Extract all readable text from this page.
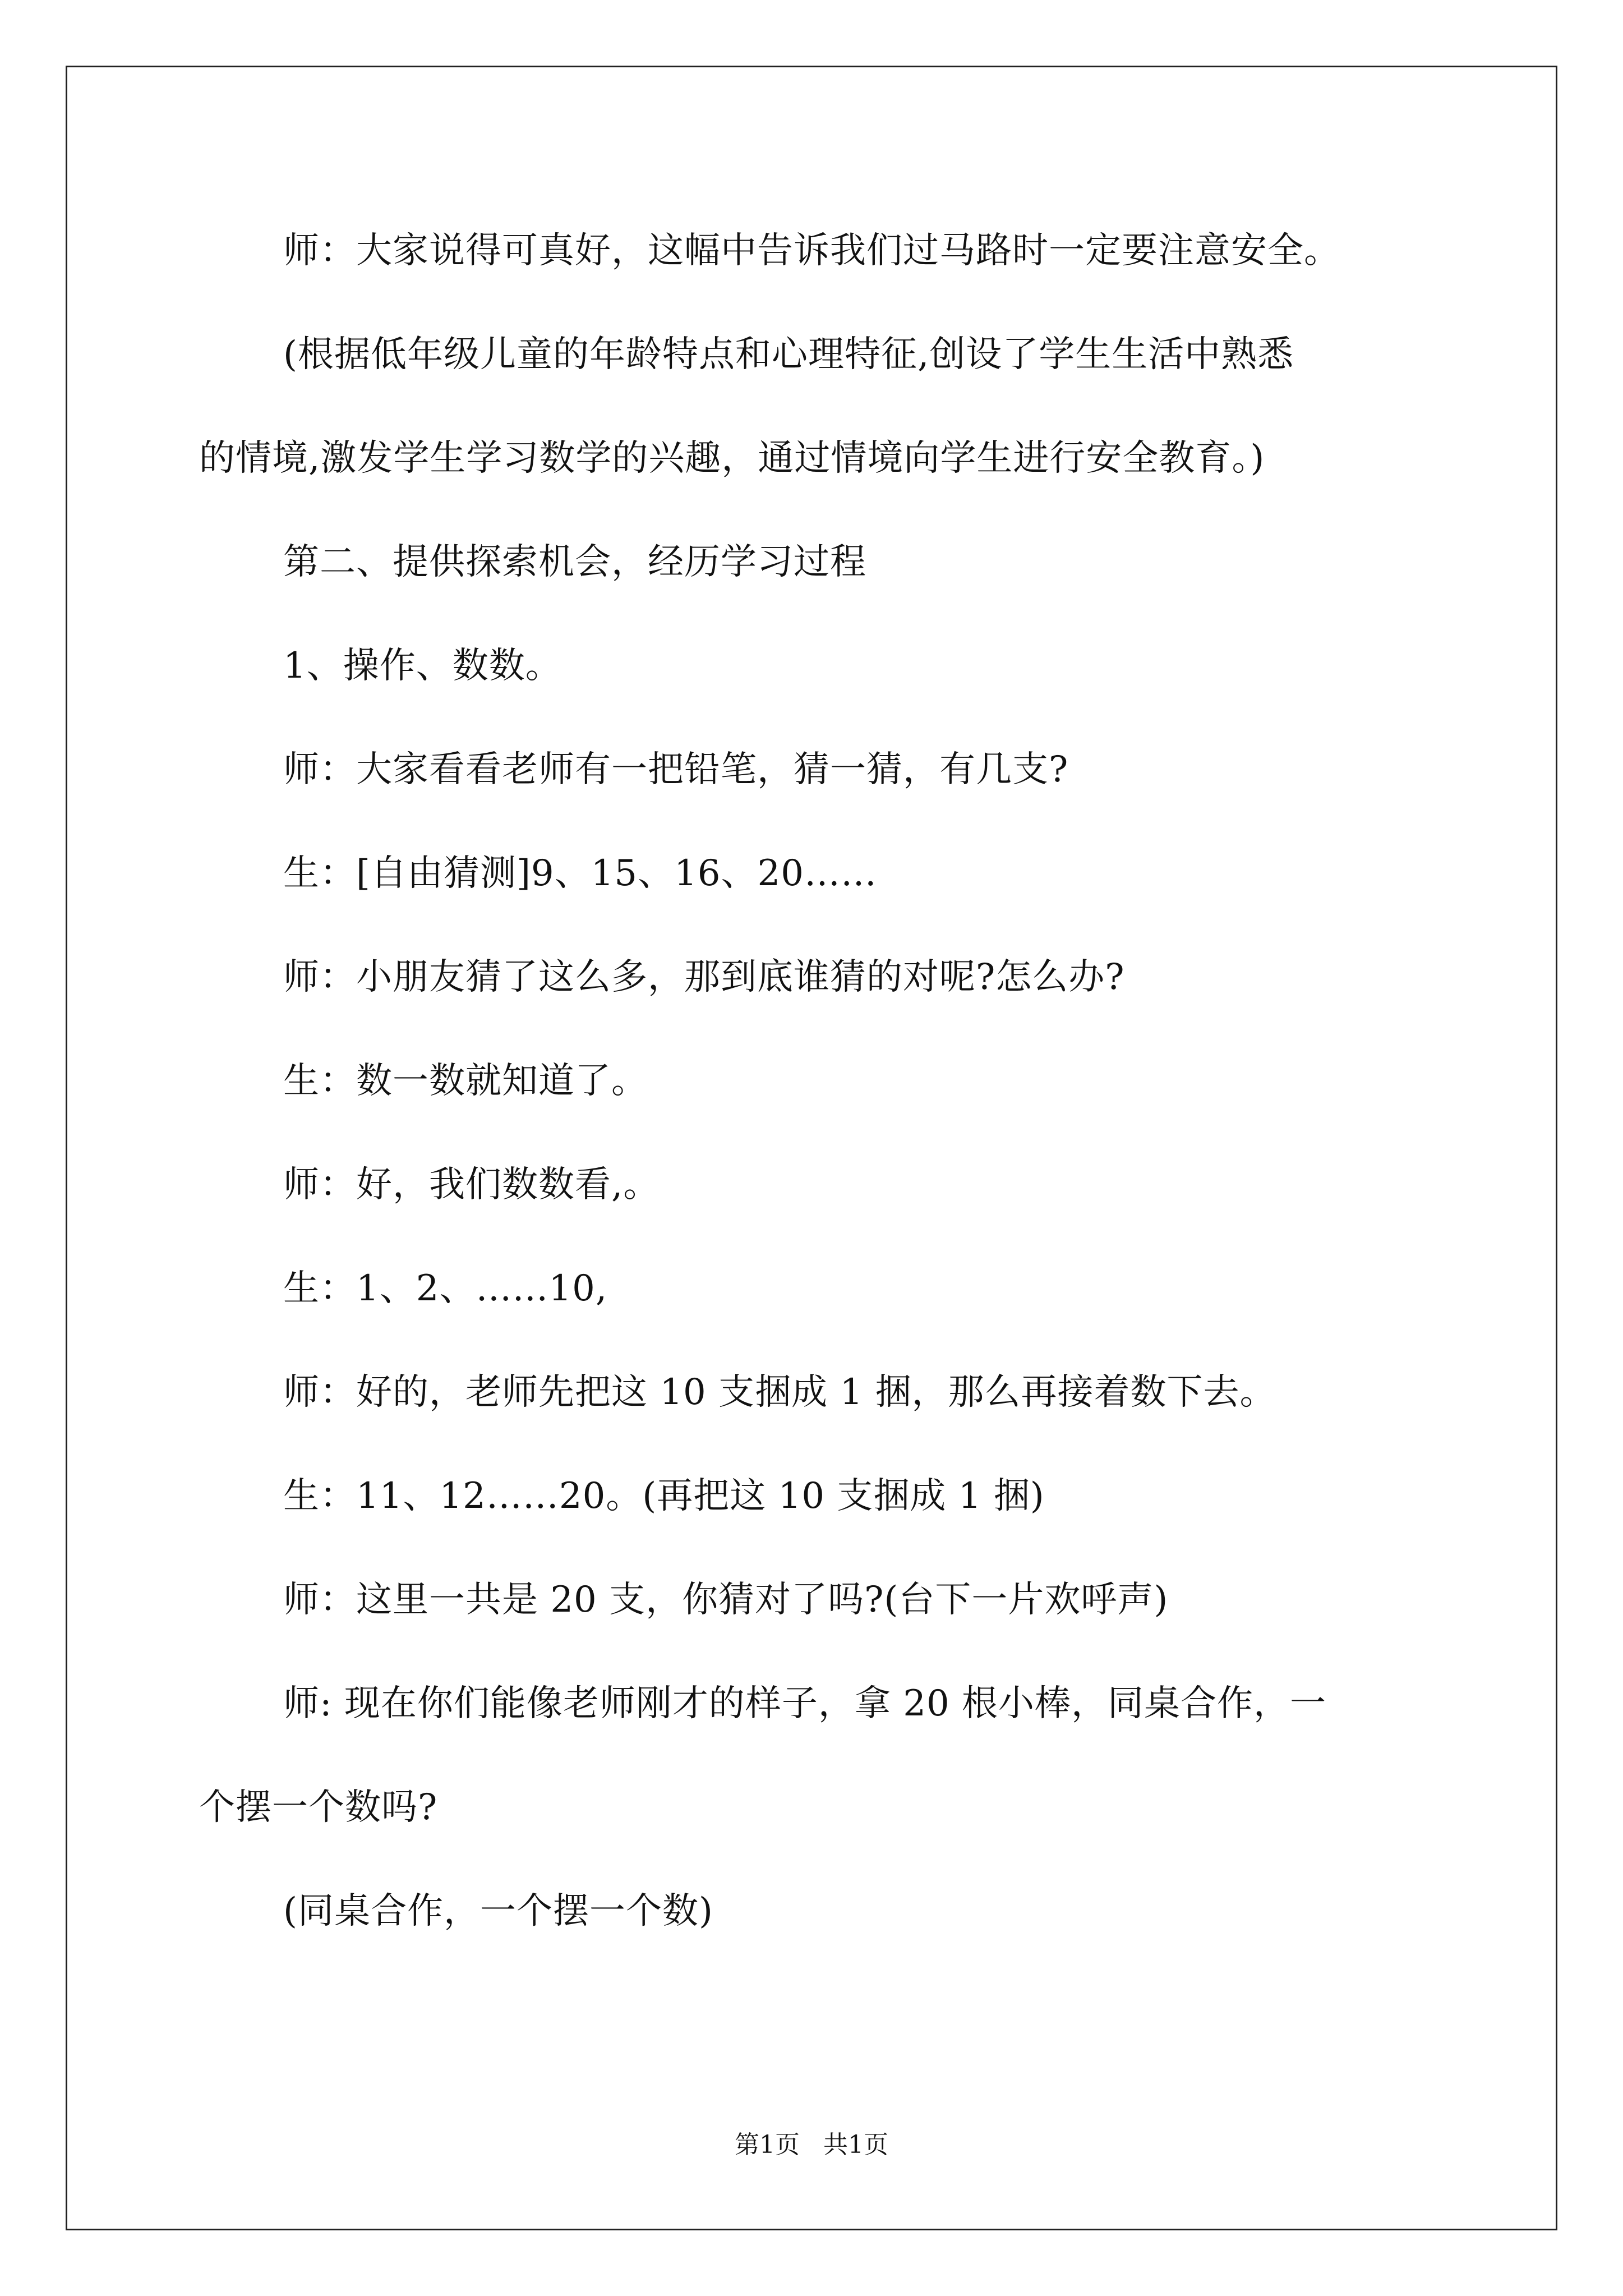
师：大家说得可真好，这幅中告诉我们过马路时一定要注意安全。

(根据低年级儿童的年龄特点和心理特征,创设了学生生活中熟悉

的情境,激发学生学习数学的兴趣，通过情境向学生进行安全教育。)

第二、提供探索机会，经历学习过程

1、操作、数数。

师：大家看看老师有一把铅笔，猜一猜，有几支?

生：[自由猜测]9、15、16、20……

师：小朋友猜了这么多，那到底谁猜的对呢?怎么办?

生：数一数就知道了。

师：好，我们数数看,。

生：1、2、……10,

师：好的，老师先把这 10 支捆成 1 捆，那么再接着数下去。

生：11、12……20。(再把这 10 支捆成 1 捆)

师：这里一共是 20 支，你猜对了吗?(台下一片欢呼声)

师: 现在你们能像老师刚才的样子，拿 20 根小棒，同桌合作，一

个摆一个数吗?

(同桌合作，一个摆一个数)

第1页   共1页
